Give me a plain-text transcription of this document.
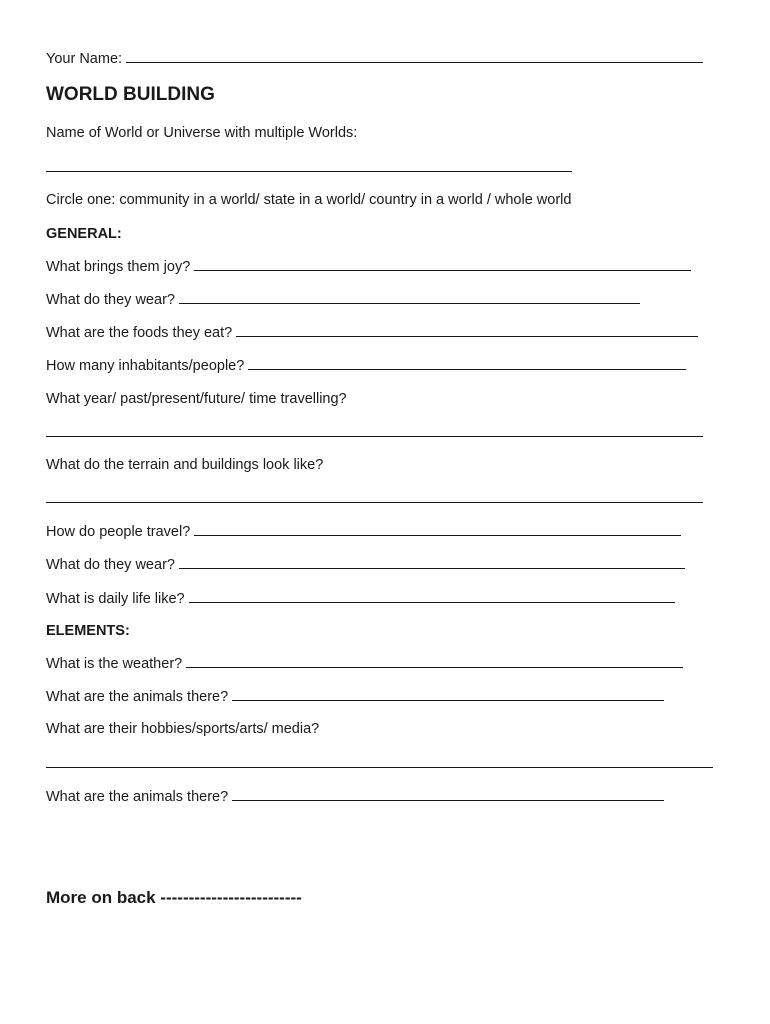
Your Name:
WORLD BUILDING
Name of World or Universe with multiple Worlds:
Circle one: community in a world/ state in a world/ country in a world / whole world
GENERAL:
What brings them joy?
What do they wear?
What are the foods they eat?
How many inhabitants/people?
What year/ past/present/future/ time travelling?
What do the terrain and buildings look like?
How do people travel?
What do they wear?
What is daily life like?
ELEMENTS:
What is the weather?
What are the animals there?
What are their hobbies/sports/arts/ media?
What are the animals there?
More on back -------------------------
